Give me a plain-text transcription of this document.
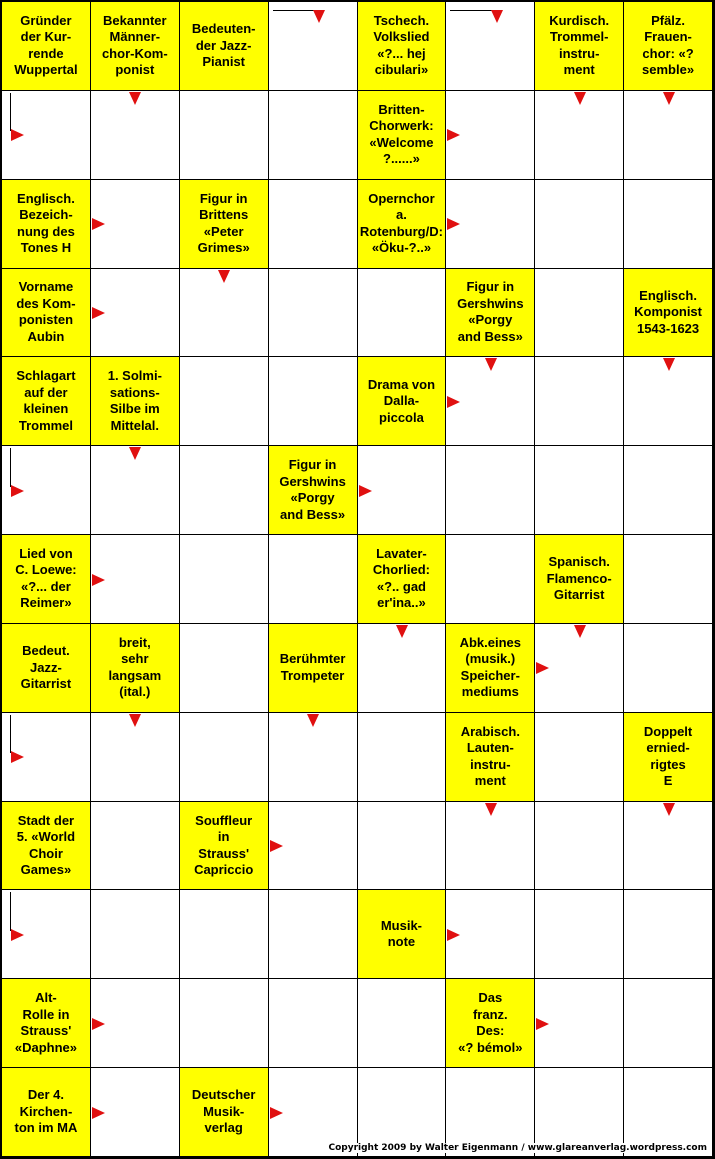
Gründer
der Kur-
rende
Wuppertal
Bekannter
Männer-
chor-Kom-
ponist
Bedeuten-
der Jazz-
Pianist
Tschech.
Volkslied
«?... hej
cibulari»
Kurdisch.
Trommel-
instru-
ment
Pfälz.
Frauen-
chor: «?
semble»
Britten-
Chorwerk:
«Welcome
?......»
Englisch.
Bezeich-
nung des
Tones H
Figur in
Brittens
«Peter
Grimes»
Opernchor
a. Rotenburg/D:
«Öku-?..»
Vorname
des Kom-
ponisten
Aubin
Figur in
Gershwins
«Porgy
and Bess»
Englisch.
Komponist
1543-1623
Schlagart
auf der
kleinen
Trommel
1. Solmi-
sations-
Silbe im
Mittelal.
Drama von
Dalla-
piccola
Figur in
Gershwins
«Porgy
and Bess»
Lied von
C. Loewe:
«?... der
Reimer»
Lavater-
Chorlied:
«?.. gad
er'ina..»
Spanisch.
Flamenco-
Gitarrist
Bedeut.
Jazz-
Gitarrist
breit,
sehr
langsam
(ital.)
Berühmter
Trompeter
Abk.eines
(musik.)
Speicher-
mediums
Arabisch.
Lauten-
instru-
ment
Doppelt
ernied-
rigtes
E
Stadt der
5. «World
Choir
Games»
Souffleur
in
Strauss'
Capriccio
Musik-
note
Alt-
Rolle in
Strauss'
«Daphne»
Das
franz.
Des:
«? bémol»
Der 4.
Kirchen-
ton im MA
Deutscher
Musik-
verlag
Copyright 2009 by Walter Eigenmann / www.glareanverlag.wordpress.com
